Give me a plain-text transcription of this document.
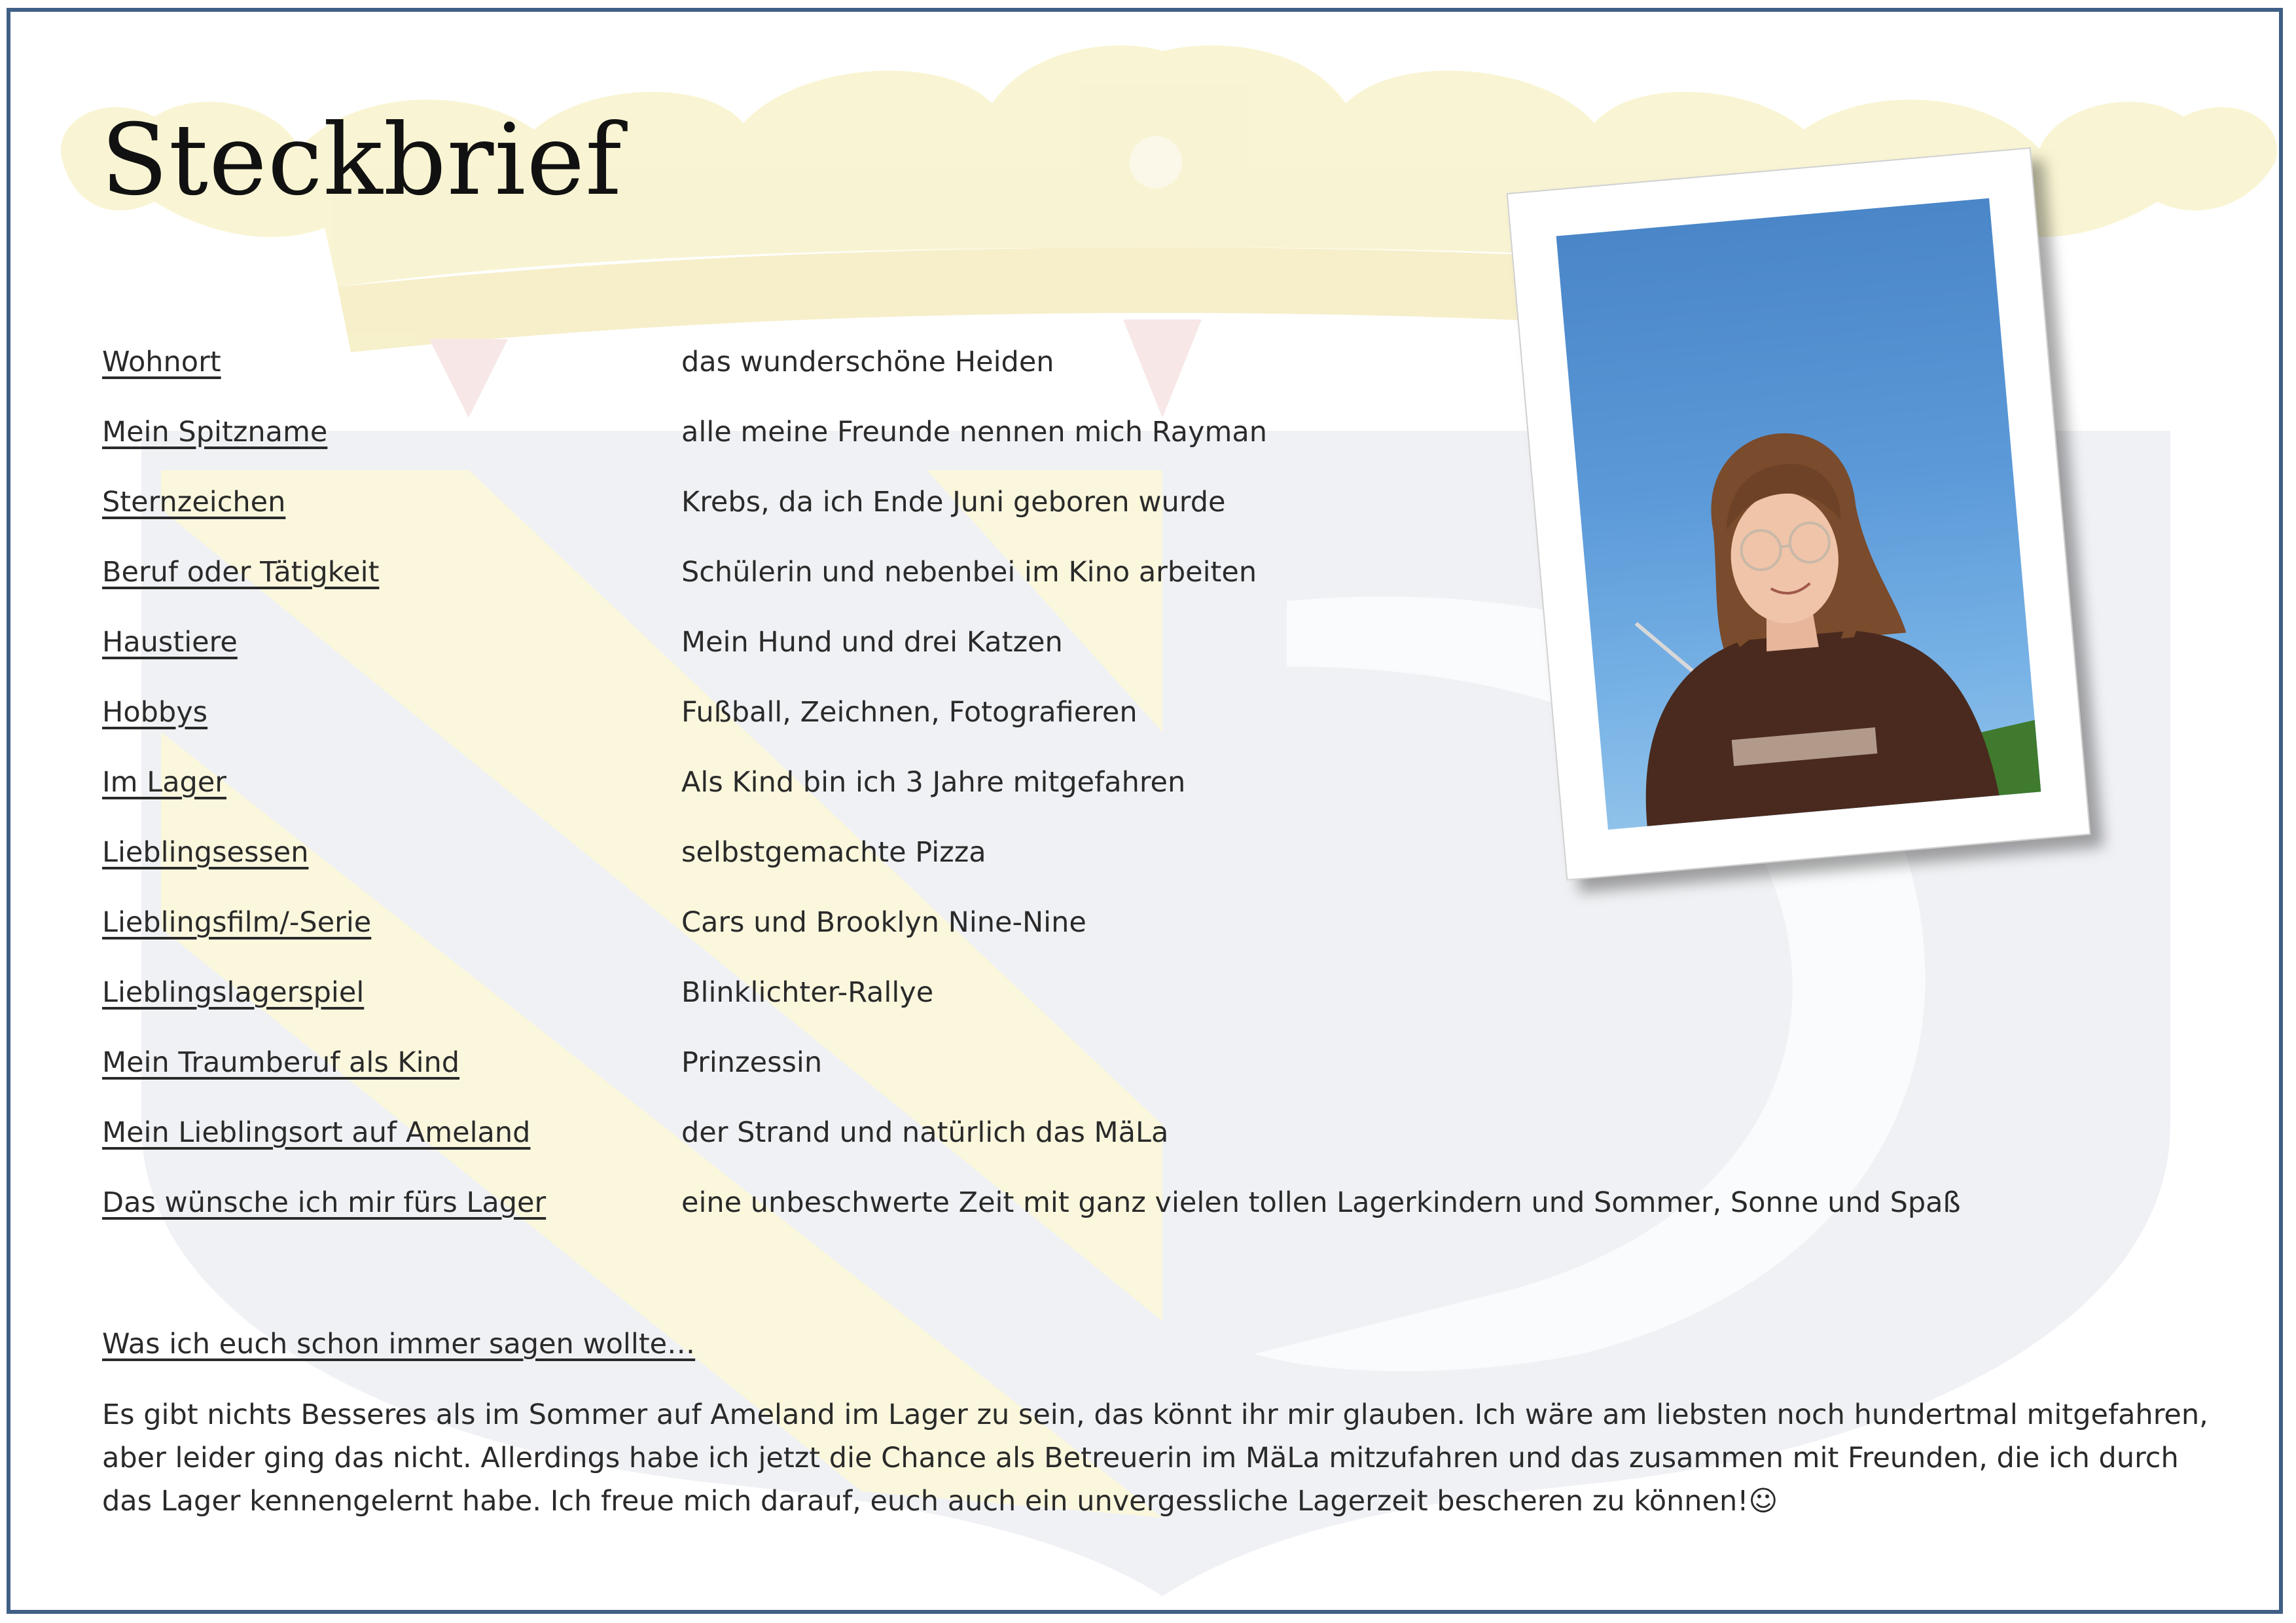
Steckbrief
Wohnort	das wunderschöne Heiden
Mein Spitzname	alle meine Freunde nennen mich Rayman
Sternzeichen	Krebs, da ich Ende Juni geboren wurde
Beruf oder Tätigkeit	Schülerin und nebenbei im Kino arbeiten
Haustiere	Mein Hund und drei Katzen
Hobbys	Fußball, Zeichnen, Fotografieren
Im Lager	Als Kind bin ich 3 Jahre mitgefahren
Lieblingsessen	selbstgemachte Pizza
Lieblingsfilm/-Serie	Cars und Brooklyn Nine-Nine
Lieblingslagerspiel	Blinklichter-Rallye
Mein Traumberuf als Kind	Prinzessin
Mein Lieblingsort auf Ameland	der Strand und natürlich das MäLa
Das wünsche ich mir fürs Lager	eine unbeschwerte Zeit mit ganz vielen tollen Lagerkindern und Sommer, Sonne und Spaß
Was ich euch schon immer sagen wollte…
Es gibt nichts Besseres als im Sommer auf Ameland im Lager zu sein, das könnt ihr mir glauben. Ich wäre am liebsten noch hundertmal mitgefahren, aber leider ging das nicht. Allerdings habe ich jetzt die Chance als Betreuerin im MäLa mitzufahren und das zusammen mit Freunden, die ich durch das Lager kennengelernt habe. Ich freue mich darauf, euch auch ein unvergessliche Lagerzeit bescheren zu können!☺
